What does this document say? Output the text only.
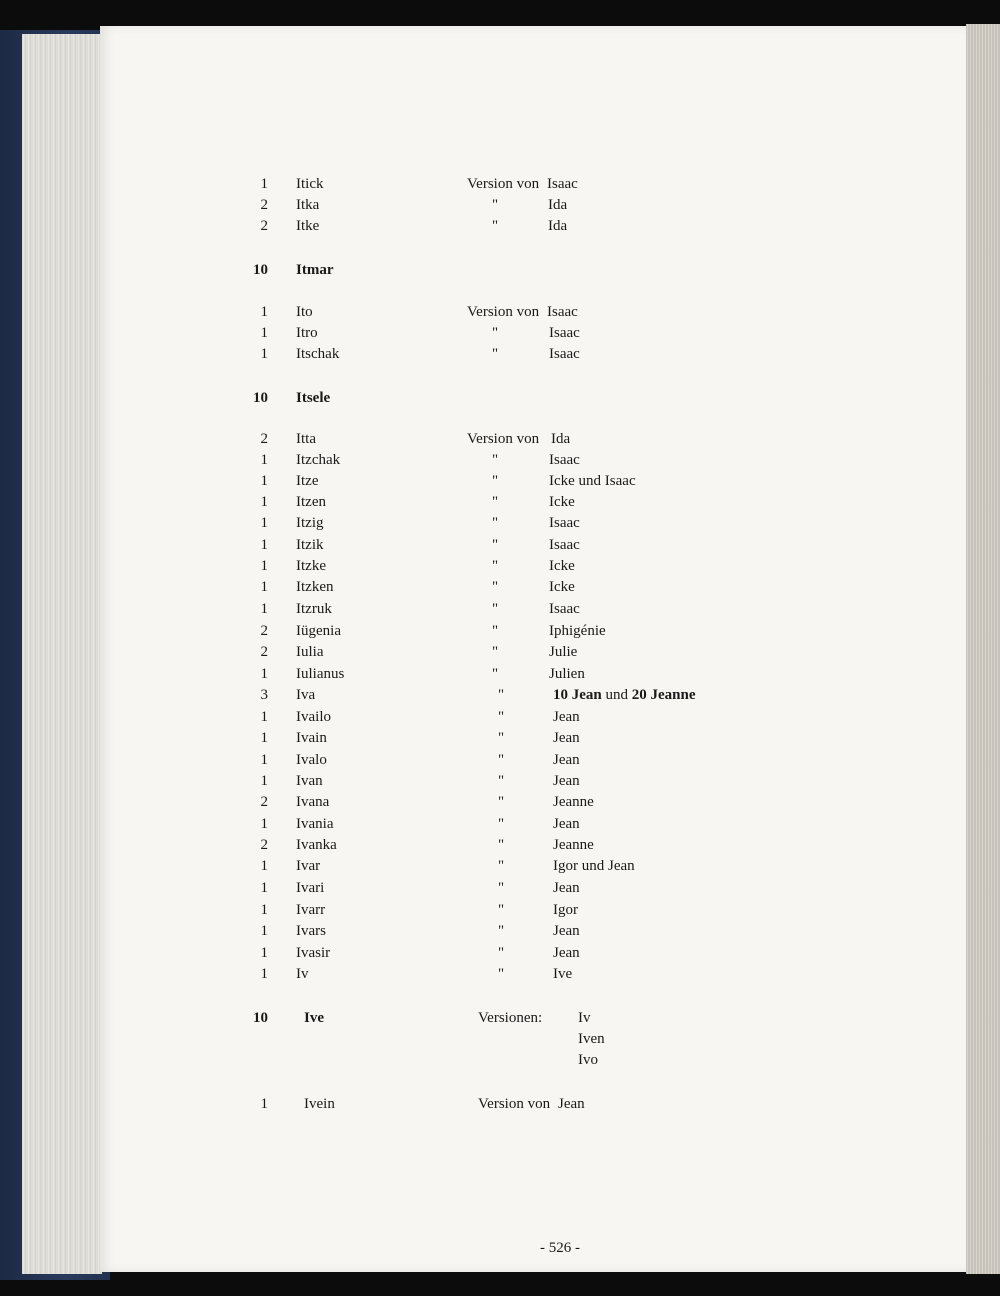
1 Itick	Version von Isaac
2 Itka	"	Ida
2 Itke	"	Ida
10 Itmar
1 Ito	Version von Isaac
1 Itro	"	Isaac
1 Itschak	"	Isaac
10 Itsele
2 Itta	Version von Ida
1 Itzchak	"	Isaac
1 Itze	"	Icke und Isaac
1 Itzen	"	Icke
1 Itzig	"	Isaac
1 Itzik	"	Isaac
1 Itzke	"	Icke
1 Itzken	"	Icke
1 Itzruk	"	Isaac
2 Iügenia	"	Iphigénie
2 Iulia	"	Julie
1 Iulianus	"	Julien
3 Iva	"	10 Jean und 20 Jeanne
1 Ivailo	"	Jean
1 Ivain	"	Jean
1 Ivalo	"	Jean
1 Ivan	"	Jean
2 Ivana	"	Jeanne
1 Ivania	"	Jean
2 Ivanka	"	Jeanne
1 Ivar	"	Igor und Jean
1 Ivari	"	Jean
1 Ivarr	"	Igor
1 Ivars	"	Jean
1 Ivasir	"	Jean
1 Iv	"	Ive
10 Ive	Versionen: Iv
Iven
Ivo
1 Ivein	Version von Jean
- 526 -
